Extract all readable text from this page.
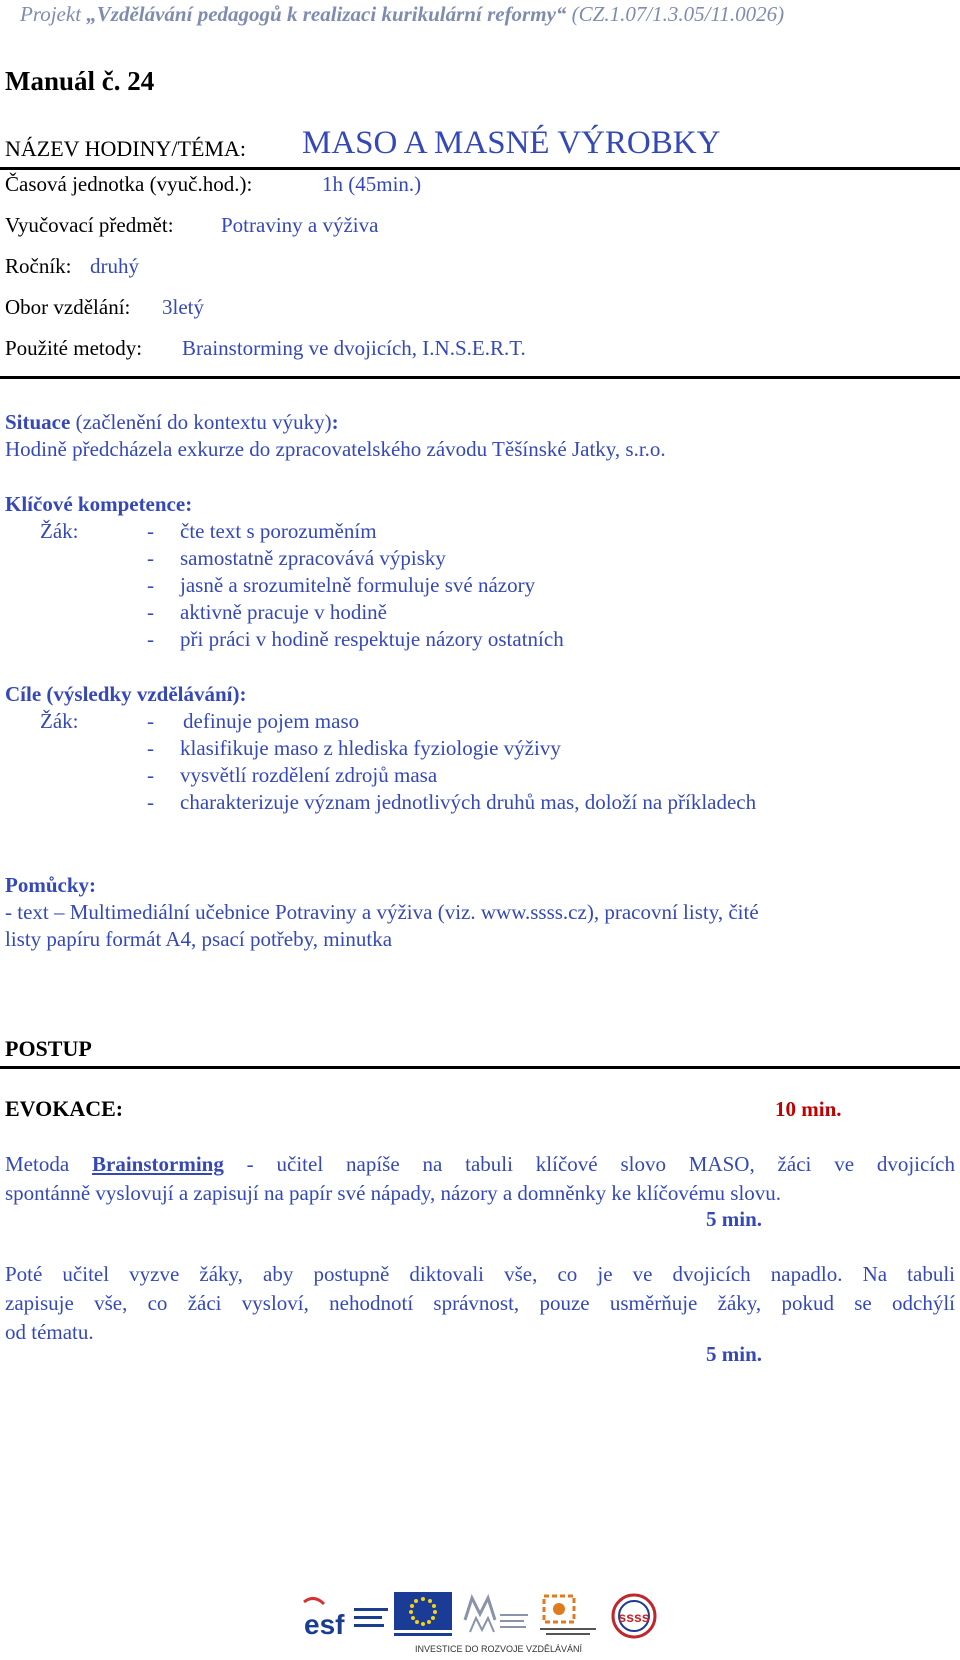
Projekt „Vzdělávání pedagogů k realizaci kurikulární reformy“ (CZ.1.07/1.3.05/11.0026)
Manuál č. 24
NÁZEV HODINY/TÉMA: MASO A MASNÉ VÝROBKY
Časová jednotka (vyuč.hod.):	1h (45min.)
Vyučovací předmět: Potraviny a výživa
Ročník: druhý
Obor vzdělání: 3letý
Použité metody: Brainstorming ve dvojicích, I.N.S.E.R.T.
Situace (začlenění do kontextu výuky):
Hodině předcházela exkurze do zpracovatelského závodu Těšínské Jatky, s.r.o.
Klíčové kompetence:
Žák:	- čte text s porozuměním
- samostatně zpracovává výpisky
- jasně a srozumitelně formuluje své názory
- aktivně pracuje v hodině
- při práci v hodině respektuje názory ostatních
Cíle (výsledky vzdělávání):
Žák:	- definuje pojem maso
- klasifikuje maso z hlediska fyziologie výživy
- vysvětlí rozdělení zdrojů masa
- charakterizuje význam jednotlivých druhů mas, doloží na příkladech
Pomůcky:
- text – Multimediální učebnice Potraviny a výživa (viz. www.ssss.cz), pracovní listy, čité
listy papíru formát A4, psací potřeby, minutka
POSTUP
EVOKACE:	10 min.
Metoda Brainstorming - učitel napíše na tabuli klíčové slovo MASO, žáci ve dvojicích
spontánně vyslovují a zapisují na papír své nápady, názory a domněnky ke klíčovému slovu.
5 min.
Poté učitel vyzve žáky, aby postupně diktovali vše, co je ve dvojicích napadlo. Na tabuli
zapisuje vše, co žáci vysloví, nehodnotí správnost, pouze usměrňuje žáky, pokud se odchýlí
od tématu.
5 min.
esf	ssss
INVESTICE DO ROZVOJE VZDĚLÁVÁNÍ
